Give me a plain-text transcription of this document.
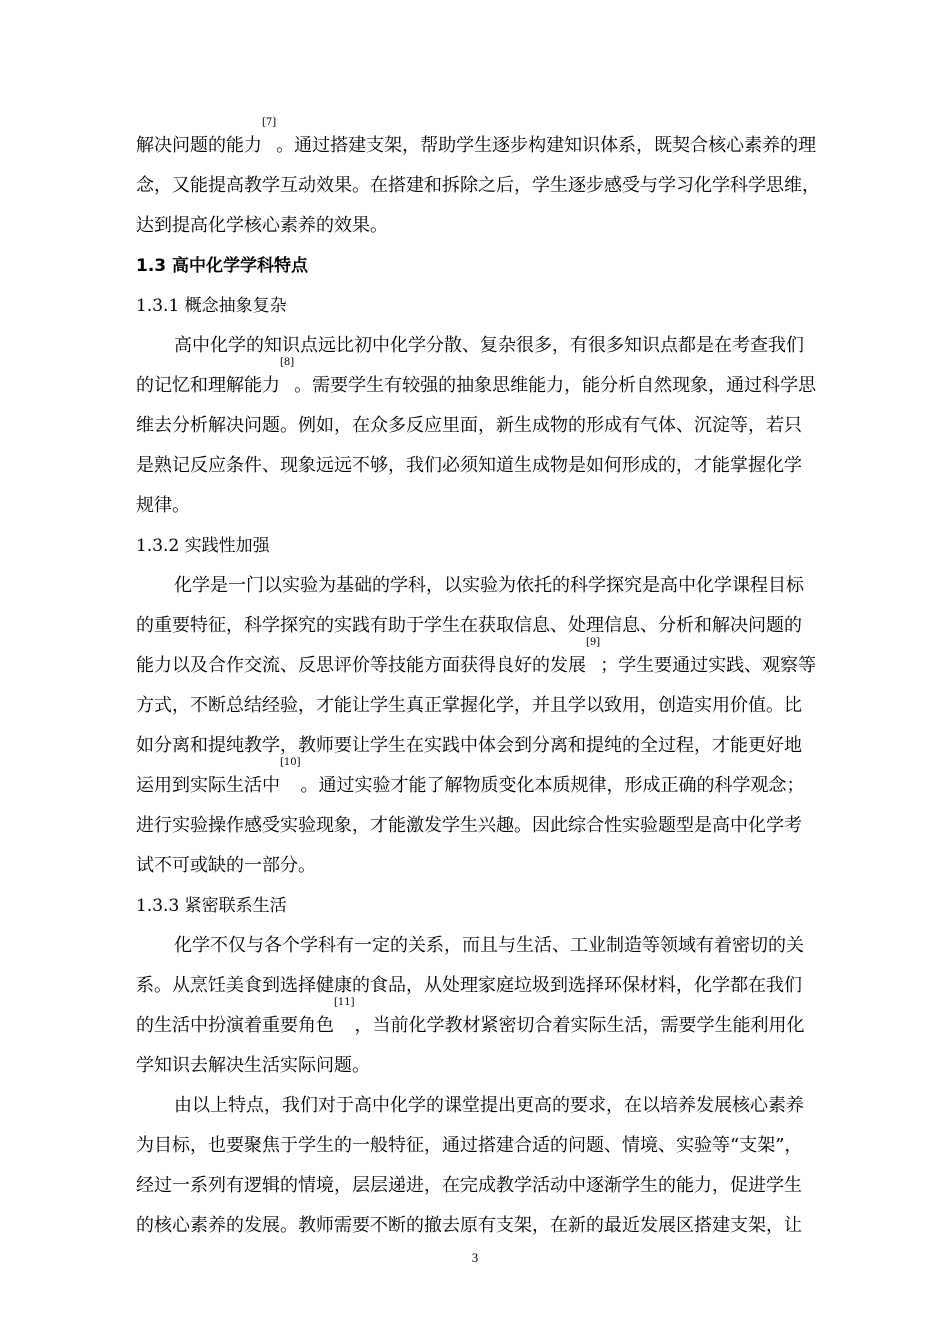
解决问题的能力[7]。通过搭建支架，帮助学生逐步构建知识体系，既契合核心素养的理
念，又能提高教学互动效果。在搭建和拆除之后，学生逐步感受与学习化学科学思维，
达到提高化学核心素养的效果。
1.3 高中化学学科特点
1.3.1 概念抽象复杂
高中化学的知识点远比初中化学分散、复杂很多，有很多知识点都是在考查我们
的记忆和理解能力[8]。需要学生有较强的抽象思维能力，能分析自然现象，通过科学思
维去分析解决问题。例如，在众多反应里面，新生成物的形成有气体、沉淀等，若只
是熟记反应条件、现象远远不够，我们必须知道生成物是如何形成的，才能掌握化学
规律。
1.3.2 实践性加强
化学是一门以实验为基础的学科，以实验为依托的科学探究是高中化学课程目标
的重要特征，科学探究的实践有助于学生在获取信息、处理信息、分析和解决问题的
能力以及合作交流、反思评价等技能方面获得良好的发展[9]；学生要通过实践、观察等
方式，不断总结经验，才能让学生真正掌握化学，并且学以致用，创造实用价值。比
如分离和提纯教学，教师要让学生在实践中体会到分离和提纯的全过程，才能更好地
运用到实际生活中[10]。通过实验才能了解物质变化本质规律，形成正确的科学观念；
进行实验操作感受实验现象，才能激发学生兴趣。因此综合性实验题型是高中化学考
试不可或缺的一部分。
1.3.3 紧密联系生活
化学不仅与各个学科有一定的关系，而且与生活、工业制造等领域有着密切的关
系。从烹饪美食到选择健康的食品，从处理家庭垃圾到选择环保材料，化学都在我们
的生活中扮演着重要角色[11]，当前化学教材紧密切合着实际生活，需要学生能利用化
学知识去解决生活实际问题。
由以上特点，我们对于高中化学的课堂提出更高的要求，在以培养发展核心素养
为目标，也要聚焦于学生的一般特征，通过搭建合适的问题、情境、实验等“支架”，
经过一系列有逻辑的情境，层层递进，在完成教学活动中逐渐学生的能力，促进学生
的核心素养的发展。教师需要不断的撤去原有支架，在新的最近发展区搭建支架，让
3
